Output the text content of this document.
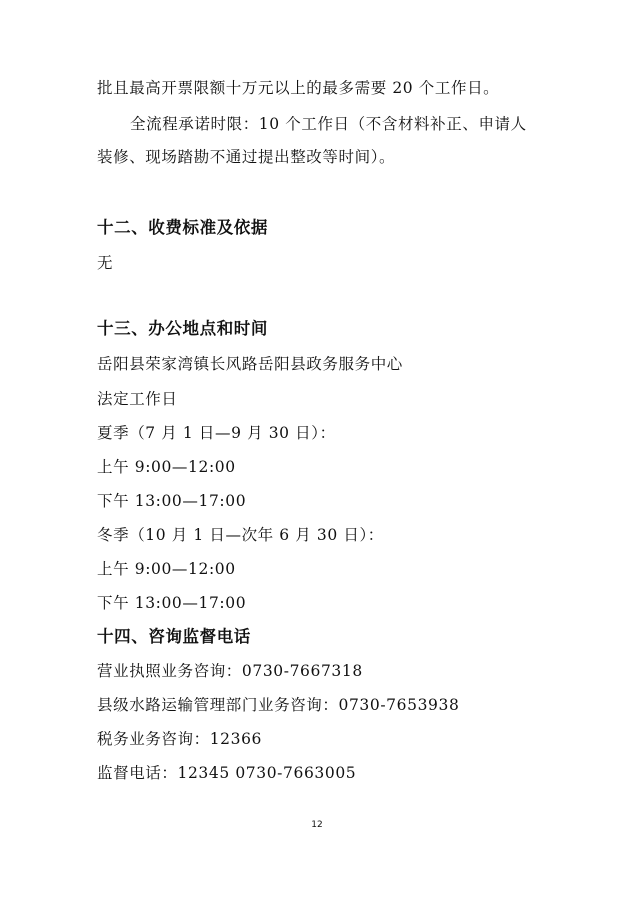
批且最高开票限额十万元以上的最多需要 20 个工作日。
全流程承诺时限：10 个工作日（不含材料补正、申请人
装修、现场踏勘不通过提出整改等时间）。
十二、收费标准及依据
无
十三、办公地点和时间
岳阳县荣家湾镇长风路岳阳县政务服务中心
法定工作日
夏季（7 月 1 日—9 月 30 日）：
上午 9:00—12:00
下午 13:00—17:00
冬季（10 月 1 日—次年 6 月 30 日）：
上午 9:00—12:00
下午 13:00—17:00
十四、咨询监督电话
营业执照业务咨询：0730-7667318
县级水路运输管理部门业务咨询：0730-7653938
税务业务咨询：12366
监督电话：12345 0730-7663005
12
